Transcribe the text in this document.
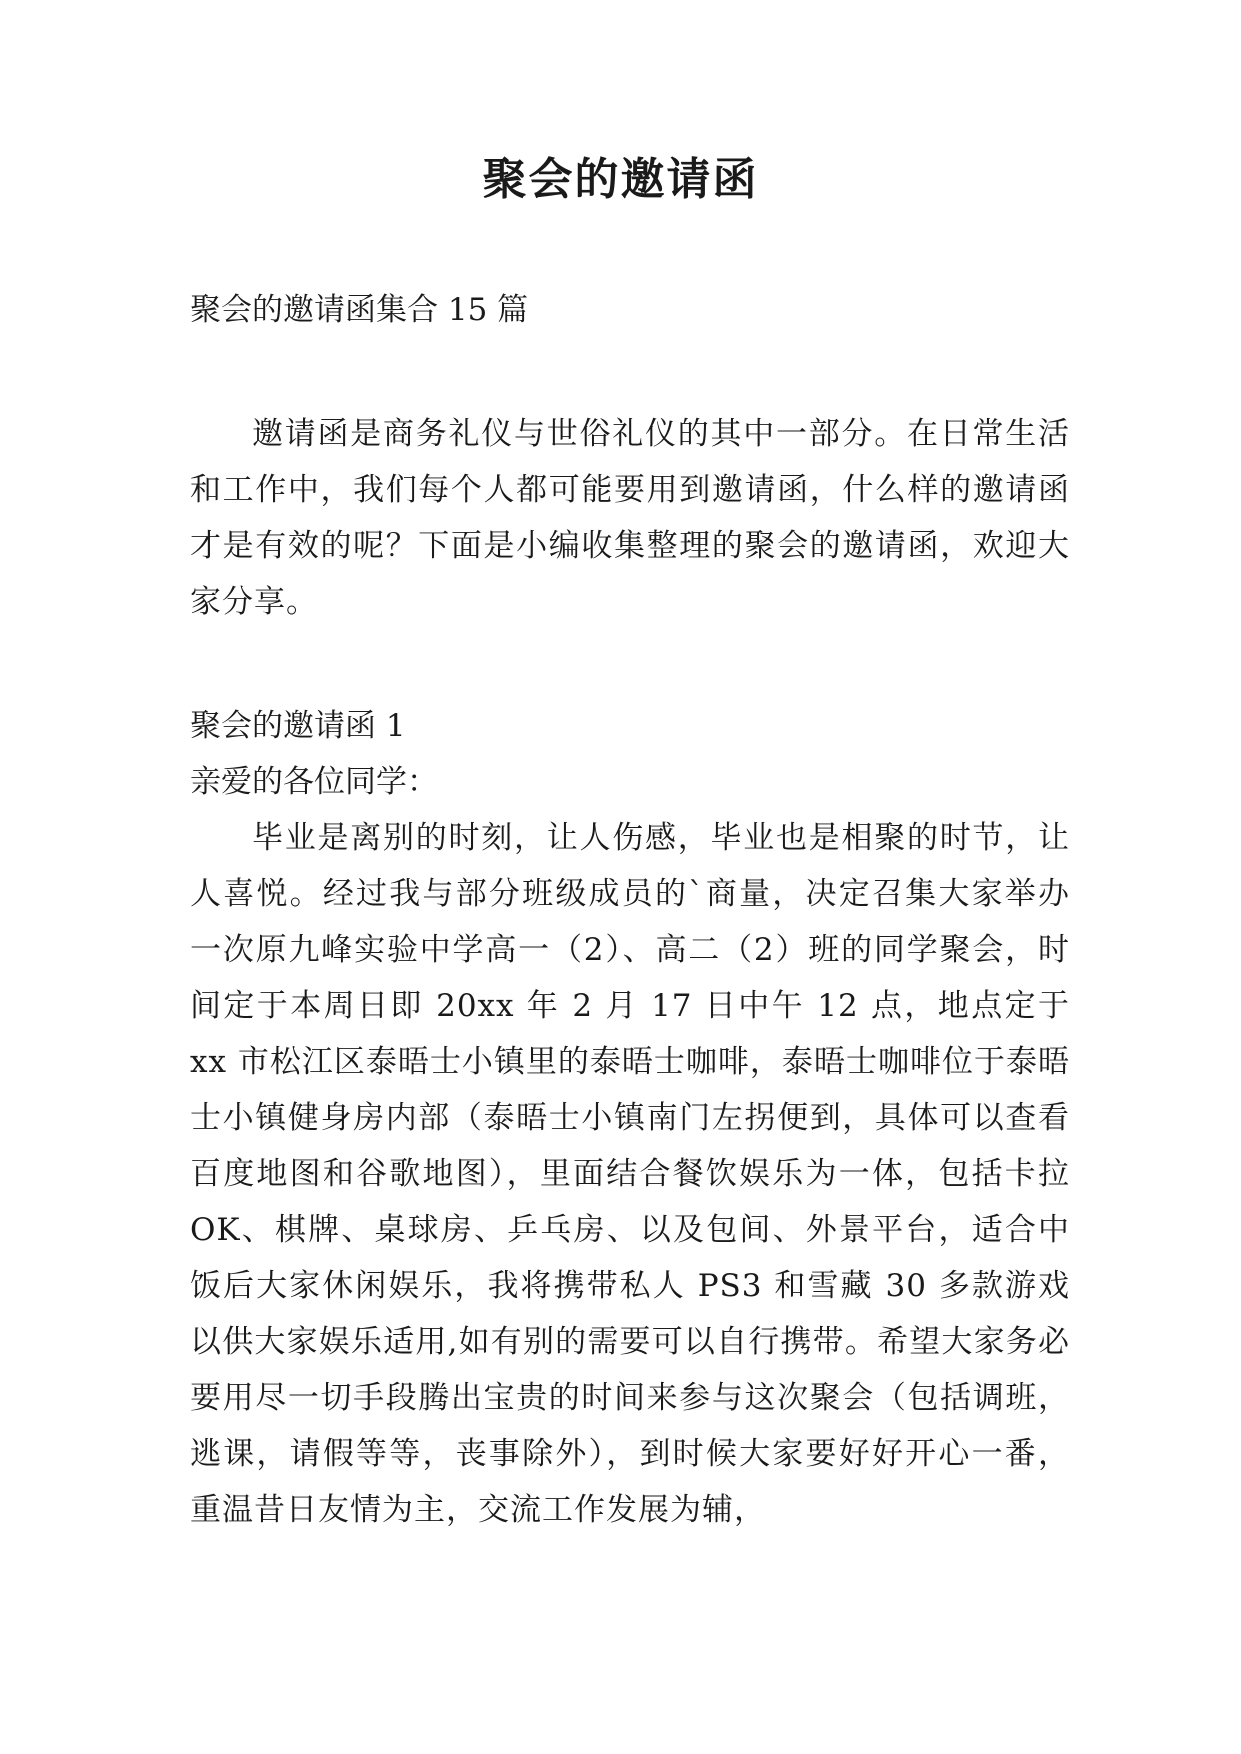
聚会的邀请函
聚会的邀请函集合 15 篇

邀请函是商务礼仪与世俗礼仪的其中一部分。在日常生活和工作中，我们每个人都可能要用到邀请函，什么样的邀请函才是有效的呢？下面是小编收集整理的聚会的邀请函，欢迎大家分享。

聚会的邀请函 1
亲爱的各位同学：

毕业是离别的时刻，让人伤感，毕业也是相聚的时节，让人喜悦。经过我与部分班级成员的`商量，决定召集大家举办一次原九峰实验中学高一（2）、高二（2）班的同学聚会，时间定于本周日即 20xx 年 2 月 17 日中午 12 点，地点定于 xx 市松江区泰晤士小镇里的泰晤士咖啡，泰晤士咖啡位于泰晤士小镇健身房内部（泰晤士小镇南门左拐便到，具体可以查看百度地图和谷歌地图），里面结合餐饮娱乐为一体，包括卡拉 OK、棋牌、桌球房、乒乓房、以及包间、外景平台，适合中饭后大家休闲娱乐，我将携带私人 PS3 和雪藏 30 多款游戏以供大家娱乐适用,如有别的需要可以自行携带。希望大家务必要用尽一切手段腾出宝贵的时间来参与这次聚会（包括调班，逃课，请假等等，丧事除外），到时候大家要好好开心一番，重温昔日友情为主，交流工作发展为辅，
